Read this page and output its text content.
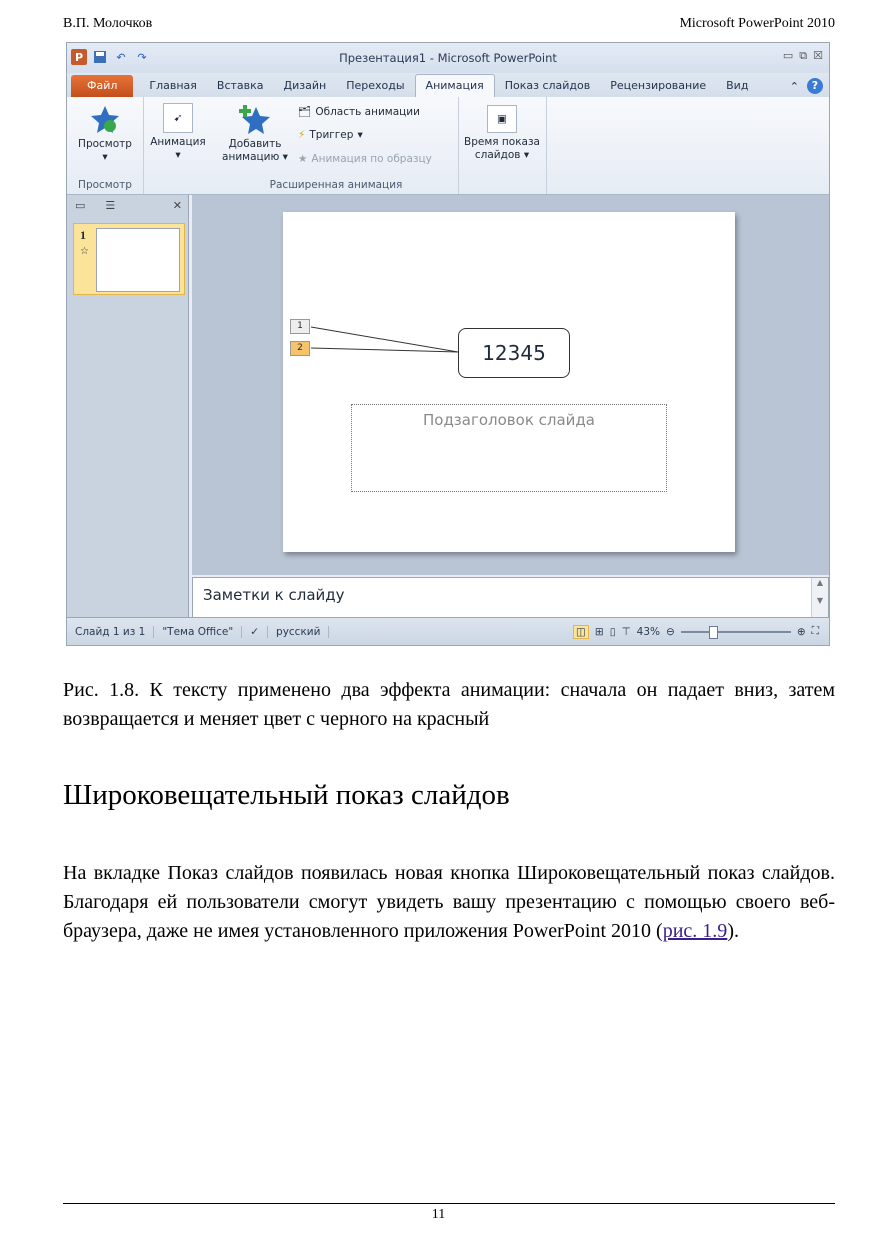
В.П. Молочков	Microsoft PowerPoint 2010
P	↶	↷	Презентация1 - Microsoft PowerPoint	▭ ⧉ ☒
Файл	Главная	Вставка	Дизайн	Переходы	Анимация	Показ слайдов	Рецензирование	Вид	⌃	?
Просмотр
▾
Просмотр
➹
Анимация
▾
Добавить
анимацию ▾
🗂 Область анимации
⚡ Триггер ▾
★ Анимация по образцу
Расширенная анимация
▣
Время показа
слайдов ▾
▭	☰	✕
1
☆
1
2	12345
Подзаголовок слайда
Заметки к слайду
▲

▼
Слайд 1 из 1	"Тема Office"	✓	русский	◫ ⊞ ▯ ⊤ 43% ⊖	⊕ ⛶
Рис. 1.8. К тексту применено два эффекта анимации: сначала он падает вниз, затем возвращается и меняет цвет с черного на красный
Широковещательный показ слайдов
На вкладке Показ слайдов появилась новая кнопка Широковещательный показ слайдов. Благодаря ей пользователи смогут увидеть вашу презентацию с помощью своего веб-браузера, даже не имея установленного приложения PowerPoint 2010 (рис. 1.9).
11
